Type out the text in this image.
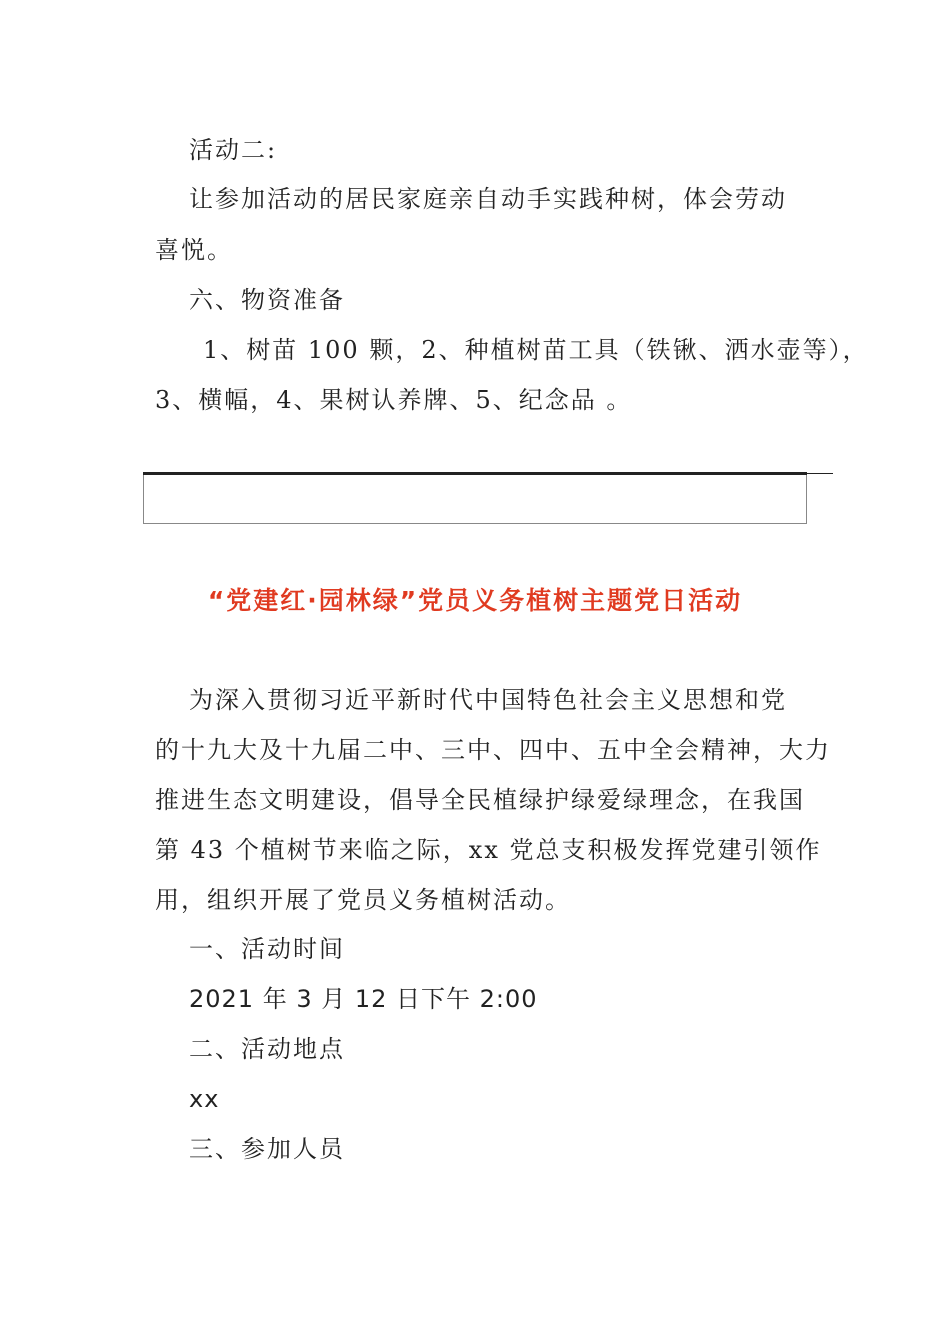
活动二:
让参加活动的居民家庭亲自动手实践种树，体会劳动
喜悦。
六、物资准备
1、树苗 100 颗，2、种植树苗工具（铁锹、洒水壶等），
3、横幅，4、果树认养牌、5、纪念品 。
“党建红·园林绿”党员义务植树主题党日活动
为深入贯彻习近平新时代中国特色社会主义思想和党
的十九大及十九届二中、三中、四中、五中全会精神，大力
推进生态文明建设，倡导全民植绿护绿爱绿理念，在我国
第 43 个植树节来临之际，xx 党总支积极发挥党建引领作
用，组织开展了党员义务植树活动。
一、活动时间
2021 年 3 月 12 日下午 2:00
二、活动地点
xx
三、参加人员
